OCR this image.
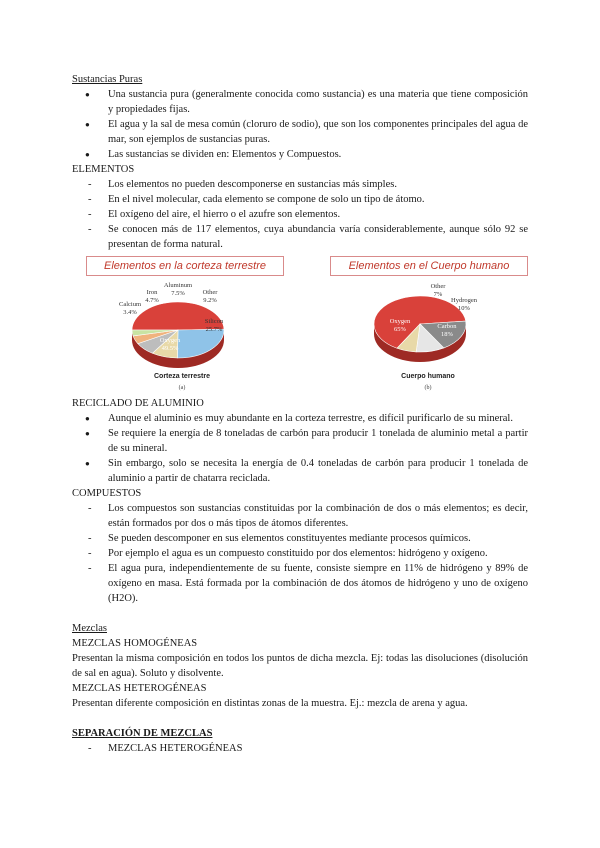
Sustancias Puras

● Una sustancia pura (generalmente conocida como sustancia) es una materia que tiene composición y propiedades fijas.
● El agua y la sal de mesa común (cloruro de sodio), que son los componentes principales del agua de mar, son ejemplos de sustancias puras.
● Las sustancias se dividen en: Elementos y Compuestos.

ELEMENTOS

- Los elementos no pueden descomponerse en sustancias más simples.
- En el nivel molecular, cada elemento se compone de solo un tipo de átomo.
- El oxígeno del aire, el hierro o el azufre son elementos.
- Se conocen más de 117 elementos, cuya abundancia varía considerablemente, aunque sólo 92 se presentan de forma natural.
Elementos en la corteza terrestre
Aluminum
7.5%
Iron
4.7%
Calcium
3.4%
Other
9.2%
Silicon
25.7%
Oxygen
49.5%
Corteza terrestre
(a)
Elementos en el Cuerpo humano
Other
7%
Hydrogen
10%
Oxygen
65%	Carbon
18%
Cuerpo humano
(b)

RECICLADO DE ALUMINIO

● Aunque el aluminio es muy abundante en la corteza terrestre, es difícil purificarlo de su mineral.
● Se requiere la energía de 8 toneladas de carbón para producir 1 tonelada de aluminio metal a partir de su mineral.
● Sin embargo, solo se necesita la energía de 0.4 toneladas de carbón para producir 1 tonelada de aluminio a partir de chatarra reciclada.

COMPUESTOS

- Los compuestos son sustancias constituidas por la combinación de dos o más elementos; es decir, están formados por dos o más tipos de átomos diferentes.
- Se pueden descomponer en sus elementos constituyentes mediante procesos químicos.
- Por ejemplo el agua es un compuesto constituido por dos elementos: hidrógeno y oxígeno.
- El agua pura, independientemente de su fuente, consiste siempre en 11% de hidrógeno y 89% de oxígeno en masa. Está formada por la combinación de dos átomos de hidrógeno y uno de oxígeno (H2O).

Mezclas

MEZCLAS HOMOGÉNEAS

Presentan la misma composición en todos los puntos de dicha mezcla. Ej: todas las disoluciones (disolución de sal en agua). Soluto y disolvente.

MEZCLAS HETEROGÉNEAS

Presentan diferente composición en distintas zonas de la muestra. Ej.: mezcla de arena y agua.

SEPARACIÓN DE MEZCLAS

- MEZCLAS HETEROGÉNEAS
